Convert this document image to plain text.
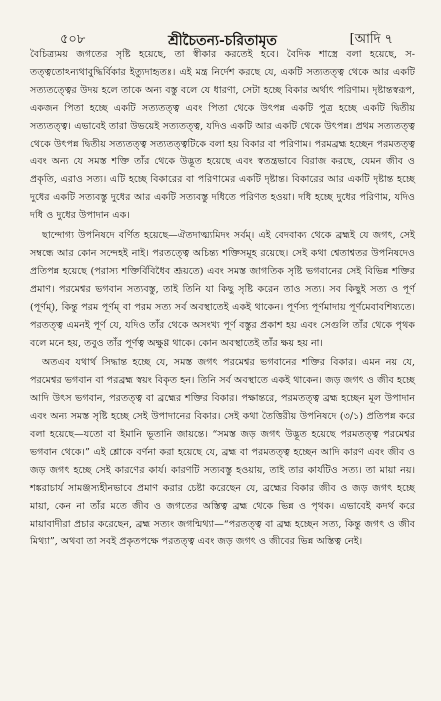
৫০৮	শ্রীচৈতন্য-চরিতামৃত	[আদি ৭

বৈচিত্র্যময় জগতের সৃষ্টি হয়েছে, তা স্বীকার করতেই হবে। বৈদিক শাস্ত্রে বলা হয়েছে, স-তত্ত্বতোঽন্যথাবুদ্ধির্বিকার ইত্যুদাহৃতঃ। এই মন্ত্র নির্দেশ করছে যে, একটি সত্যতত্ত্ব থেকে আর একটি সত্যতত্ত্বের উদয় হলে তাকে অন্য বস্তু বলে যে ধারণা, সেটা হচ্ছে বিকার অর্থাৎ পরিণাম। দৃষ্টান্তস্বরূপ, একজন পিতা হচ্ছে একটি সত্যতত্ত্ব এবং পিতা থেকে উৎপন্ন একটি পুত্র হচ্ছে একটি দ্বিতীয় সত্যতত্ত্ব। এভাবেই তারা উভয়েই সত্যতত্ত্ব, যদিও একটি আর একটি থেকে উৎপন্ন। প্রথম সত্যতত্ত্ব থেকে উৎপন্ন দ্বিতীয় সত্যতত্ত্ব সত্যতত্ত্বটিকে বলা হয় বিকার বা পরিণাম। পরমব্রহ্ম হচ্ছেন পরমতত্ত্ব এবং অন্য যে সমস্ত শক্তি তাঁর থেকে উদ্ভূত হয়েছে এবং স্বতন্ত্রভাবে বিরাজ করছে, যেমন জীব ও প্রকৃতি, এরাও সত্য। এটি হচ্ছে বিকারের বা পরিণামের একটি দৃষ্টান্ত। বিকারের আর একটি দৃষ্টান্ত হচ্ছে দুধের একটি সত্যবস্তু দুধের আর একটি সত্যবস্তু দধিতে পরিণত হওয়া। দধি হচ্ছে দুধের পরিণাম, যদিও দধি ও দুধের উপাদান এক।

ছান্দোগ্য উপনিষদে বর্ণিত হয়েছে—ঐতদাত্ম্যমিদং সর্বম্। এই বেদবাক্য থেকে ব্রহ্মই যে জগৎ, সেই সম্বন্ধে আর কোন সন্দেহই নাই। পরতত্ত্বে অচিন্ত্য শক্তিসমূহ রয়েছে। সেই কথা শ্বেতাশ্বতর উপনিষদেও প্রতিপন্ন হয়েছে (পরাস্য শক্তির্বিবিধৈব শ্রূয়তে) এবং সমস্ত জাগতিক সৃষ্টি ভগবানের সেই বিভিন্ন শক্তির প্রমাণ। পরমেশ্বর ভগবান সত্যবস্তু, তাই তিনি যা কিছু সৃষ্টি করেন তাও সত্য। সব কিছুই সত্য ও পূর্ণ (পূর্ণম্), কিন্তু পরম পূর্ণম্ বা পরম সত্য সর্ব অবস্থাতেই একই থাকেন। পূর্ণস্য পূর্ণমাদায় পূর্ণমেবাবশিষ্যতে। পরতত্ত্ব এমনই পূর্ণ যে, যদিও তাঁর থেকে অসংখ্য পূর্ণ বস্তুর প্রকাশ হয় এবং সেগুলি তাঁর থেকে পৃথক বলে মনে হয়, তবুও তাঁর পূর্ণত্ব অক্ষুণ্ণ থাকে। কোন অবস্থাতেই তাঁর ক্ষয় হয় না।

অতএব যথার্থ সিদ্ধান্ত হচ্ছে যে, সমস্ত জগৎ পরমেশ্বর ভগবানের শক্তির বিকার। এমন নয় যে, পরমেশ্বর ভগবান বা পরব্রহ্ম স্বয়ং বিকৃত হন। তিনি সর্ব অবস্থাতে একই থাকেন। জড় জগৎ ও জীব হচ্ছে আদি উৎস ভগবান, পরতত্ত্ব বা ব্রহ্মের শক্তির বিকার। পক্ষান্তরে, পরমতত্ত্ব ব্রহ্ম হচ্ছেন মূল উপাদান এবং অন্য সমস্ত সৃষ্টি হচ্ছে সেই উপাদানের বিকার। সেই কথা তৈত্তিরীয় উপনিষদে (৩/১) প্রতিপন্ন করে বলা হয়েছে—যতো বা ইমানি ভূতানি জায়ন্তে। “সমস্ত জড় জগৎ উদ্ভূত হয়েছে পরমতত্ত্ব পরমেশ্বর ভগবান থেকে।” এই শ্লোকে বর্ণনা করা হয়েছে যে, ব্রহ্ম বা পরমতত্ত্ব হচ্ছেন আদি কারণ এবং জীব ও জড় জগৎ হচ্ছে সেই কারণের কার্য। কারণটি সত্যবস্তু হওয়ায়, তাই তার কার্যটিও সত্য। তা মায়া নয়। শঙ্করাচার্য সামঞ্জস্যহীনভাবে প্রমাণ করার চেষ্টা করেছেন যে, ব্রহ্মের বিকার জীব ও জড় জগৎ হচ্ছে মায়া, কেন না তাঁর মতে জীব ও জগতের অস্তিত্ব ব্রহ্ম থেকে ভিন্ন ও পৃথক। এভাবেই কদর্থ করে মায়াবাদীরা প্রচার করেছেন, ব্রহ্ম সত্যং জগন্মিথ্যা—“পরতত্ত্ব বা ব্রহ্ম হচ্ছেন সত্য, কিন্তু জগৎ ও জীব মিথ্যা”, অথবা তা সবই প্রকৃতপক্ষে পরতত্ত্ব এবং জড় জগৎ ও জীবের ভিন্ন অস্তিত্ব নেই।
